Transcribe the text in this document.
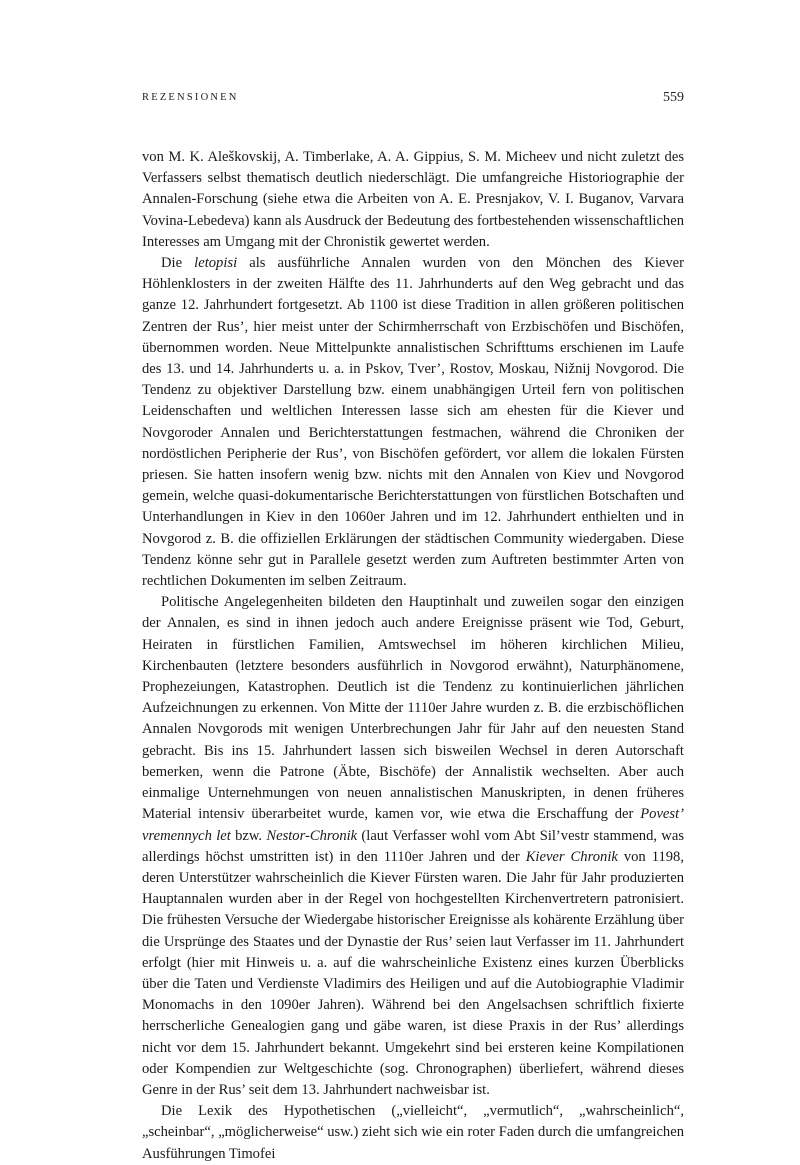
REZENSIONEN	559

von M. K. Aleškovskij, A. Timberlake, A. A. Gippius, S. M. Micheev und nicht zuletzt des Verfassers selbst thematisch deutlich niederschlägt. Die umfangreiche Historiographie der Annalen-Forschung (siehe etwa die Arbeiten von A. E. Presnjakov, V. I. Buganov, Varvara Vovina-Lebedeva) kann als Ausdruck der Bedeutung des fortbestehenden wissenschaftlichen Interesses am Umgang mit der Chronistik gewertet werden.

Die letopisi als ausführliche Annalen wurden von den Mönchen des Kiever Höhlenklosters in der zweiten Hälfte des 11. Jahrhunderts auf den Weg gebracht und das ganze 12. Jahrhundert fortgesetzt. Ab 1100 ist diese Tradition in allen größeren politischen Zentren der Rus’, hier meist unter der Schirmherrschaft von Erzbischöfen und Bischöfen, übernommen worden. Neue Mittelpunkte annalistischen Schrifttums erschienen im Laufe des 13. und 14. Jahrhunderts u. a. in Pskov, Tver’, Rostov, Moskau, Nižnij Novgorod. Die Tendenz zu objektiver Darstellung bzw. einem unabhängigen Urteil fern von politischen Leidenschaften und weltlichen Interessen lasse sich am ehesten für die Kiever und Novgoroder Annalen und Berichterstattungen festmachen, während die Chroniken der nordöstlichen Peripherie der Rus’, von Bischöfen gefördert, vor allem die lokalen Fürsten priesen. Sie hatten insofern wenig bzw. nichts mit den Annalen von Kiev und Novgorod gemein, welche quasi-dokumentarische Berichterstattungen von fürstlichen Botschaften und Unterhandlungen in Kiev in den 1060er Jahren und im 12. Jahrhundert enthielten und in Novgorod z. B. die offiziellen Erklärungen der städtischen Community wiedergaben. Diese Tendenz könne sehr gut in Parallele gesetzt werden zum Auftreten bestimmter Arten von rechtlichen Dokumenten im selben Zeitraum.

Politische Angelegenheiten bildeten den Hauptinhalt und zuweilen sogar den einzigen der Annalen, es sind in ihnen jedoch auch andere Ereignisse präsent wie Tod, Geburt, Heiraten in fürstlichen Familien, Amtswechsel im höheren kirchlichen Milieu, Kirchenbauten (letztere besonders ausführlich in Novgorod erwähnt), Naturphänomene, Prophezeiungen, Katastrophen. Deutlich ist die Tendenz zu kontinuierlichen jährlichen Aufzeichnungen zu erkennen. Von Mitte der 1110er Jahre wurden z. B. die erzbischöflichen Annalen Novgorods mit wenigen Unterbrechungen Jahr für Jahr auf den neuesten Stand gebracht. Bis ins 15. Jahrhundert lassen sich bisweilen Wechsel in deren Autorschaft bemerken, wenn die Patrone (Äbte, Bischöfe) der Annalistik wechselten. Aber auch einmalige Unternehmungen von neuen annalistischen Manuskripten, in denen früheres Material intensiv überarbeitet wurde, kamen vor, wie etwa die Erschaffung der Povest’ vremennych let bzw. Nestor-Chronik (laut Verfasser wohl vom Abt Sil’vestr stammend, was allerdings höchst umstritten ist) in den 1110er Jahren und der Kiever Chronik von 1198, deren Unterstützer wahrscheinlich die Kiever Fürsten waren. Die Jahr für Jahr produzierten Hauptannalen wurden aber in der Regel von hochgestellten Kirchenvertretern patronisiert. Die frühesten Versuche der Wiedergabe historischer Ereignisse als kohärente Erzählung über die Ursprünge des Staates und der Dynastie der Rus’ seien laut Verfasser im 11. Jahrhundert erfolgt (hier mit Hinweis u. a. auf die wahrscheinliche Existenz eines kurzen Überblicks über die Taten und Verdienste Vladimirs des Heiligen und auf die Autobiographie Vladimir Monomachs in den 1090er Jahren). Während bei den Angelsachsen schriftlich fixierte herrscherliche Genealogien gang und gäbe waren, ist diese Praxis in der Rus’ allerdings nicht vor dem 15. Jahrhundert bekannt. Umgekehrt sind bei ersteren keine Kompilationen oder Kompendien zur Weltgeschichte (sog. Chronographen) überliefert, während dieses Genre in der Rus’ seit dem 13. Jahrhundert nachweisbar ist.

Die Lexik des Hypothetischen („vielleicht“, „vermutlich“, „wahrscheinlich“, „scheinbar“, „möglicherweise“ usw.) zieht sich wie ein roter Faden durch die umfangreichen Ausführungen Timofei
